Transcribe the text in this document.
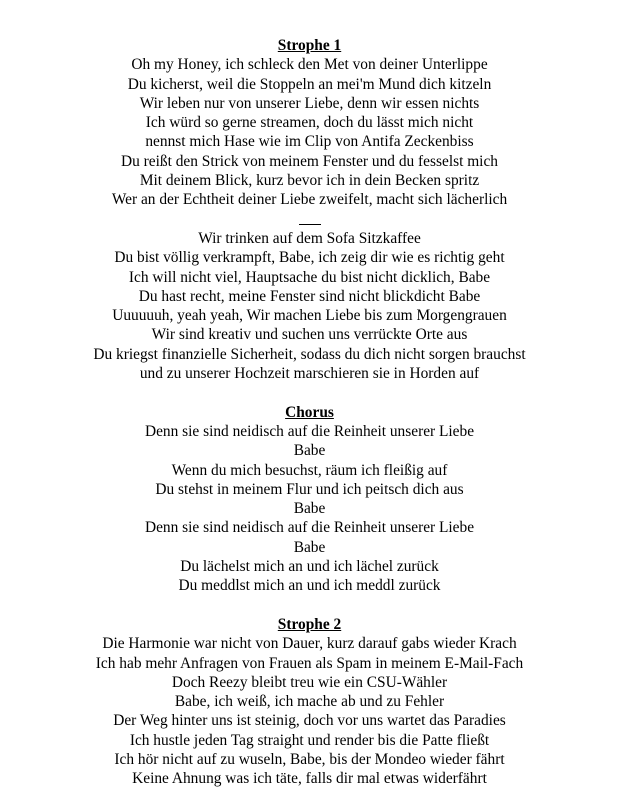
Strophe 1
Oh my Honey, ich schleck den Met von deiner Unterlippe
Du kicherst, weil die Stoppeln an mei'm Mund dich kitzeln
Wir leben nur von unserer Liebe, denn wir essen nichts
Ich würd so gerne streamen, doch du lässt mich nicht
nennst mich Hase wie im Clip von Antifa Zeckenbiss
Du reißt den Strick von meinem Fenster und du fesselst mich
Mit deinem Blick, kurz bevor ich in dein Becken spritz
Wer an der Echtheit deiner Liebe zweifelt, macht sich lächerlich
Wir trinken auf dem Sofa Sitzkaffee
Du bist völlig verkrampft, Babe, ich zeig dir wie es richtig geht
Ich will nicht viel, Hauptsache du bist nicht dicklich, Babe
Du hast recht, meine Fenster sind nicht blickdicht Babe
Uuuuuuh, yeah yeah, Wir machen Liebe bis zum Morgengrauen
Wir sind kreativ und suchen uns verrückte Orte aus
Du kriegst finanzielle Sicherheit, sodass du dich nicht sorgen brauchst
und zu unserer Hochzeit marschieren sie in Horden auf
Chorus
Denn sie sind neidisch auf die Reinheit unserer Liebe
Babe
Wenn du mich besuchst, räum ich fleißig auf
Du stehst in meinem Flur und ich peitsch dich aus
Babe
Denn sie sind neidisch auf die Reinheit unserer Liebe
Babe
Du lächelst mich an und ich lächel zurück
Du meddlst mich an und ich meddl zurück
Strophe 2
Die Harmonie war nicht von Dauer, kurz darauf gabs wieder Krach
Ich hab mehr Anfragen von Frauen als Spam in meinem E-Mail-Fach
Doch Reezy bleibt treu wie ein CSU-Wähler
Babe, ich weiß, ich mache ab und zu Fehler
Der Weg hinter uns ist steinig, doch vor uns wartet das Paradies
Ich hustle jeden Tag straight und render bis die Patte fließt
Ich hör nicht auf zu wuseln, Babe, bis der Mondeo wieder fährt
Keine Ahnung was ich täte, falls dir mal etwas widerfährt
